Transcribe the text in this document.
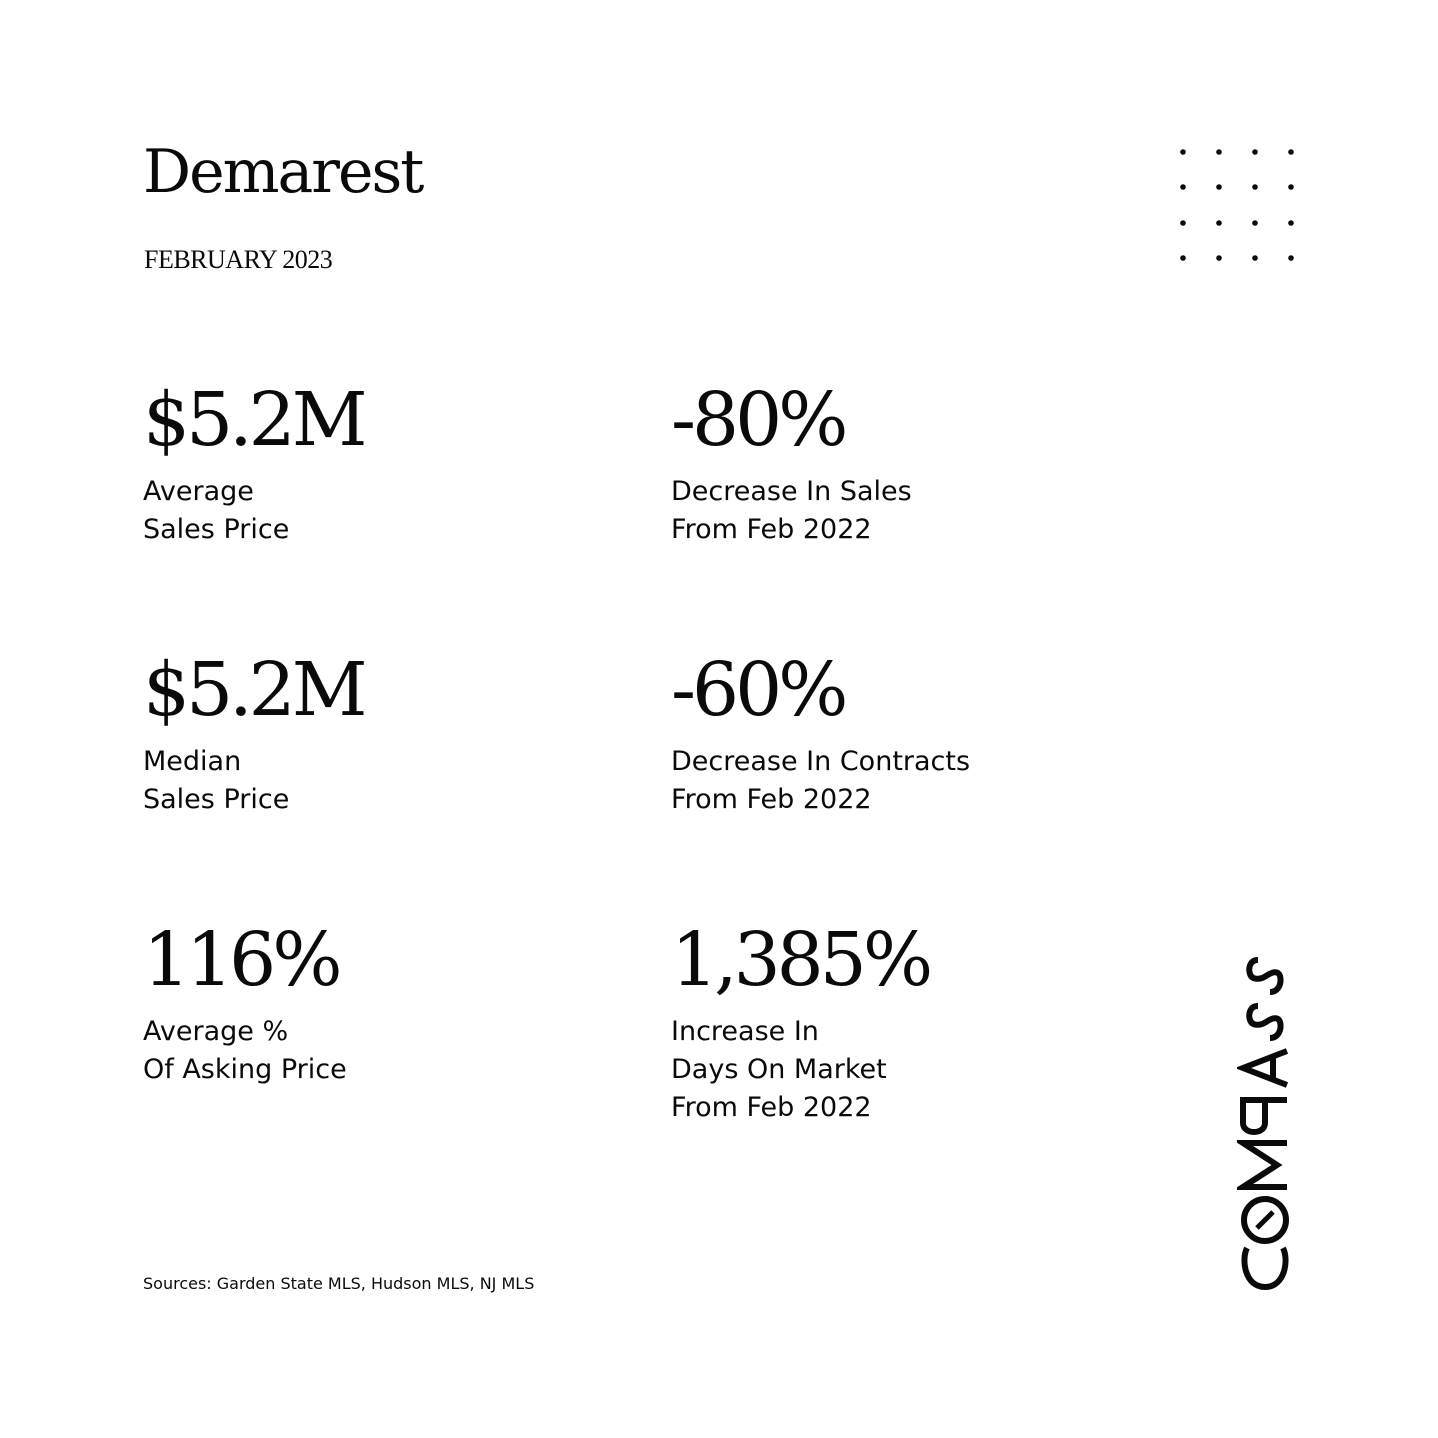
Demarest
FEBRUARY 2023
$5.2M
Average
Sales Price
-80%
Decrease In Sales
From Feb 2022
$5.2M
Median
Sales Price
-60%
Decrease In Contracts
From Feb 2022
116%
Average %
Of Asking Price
1,385%
Increase In
Days On Market
From Feb 2022
Sources: Garden State MLS, Hudson MLS, NJ MLS
